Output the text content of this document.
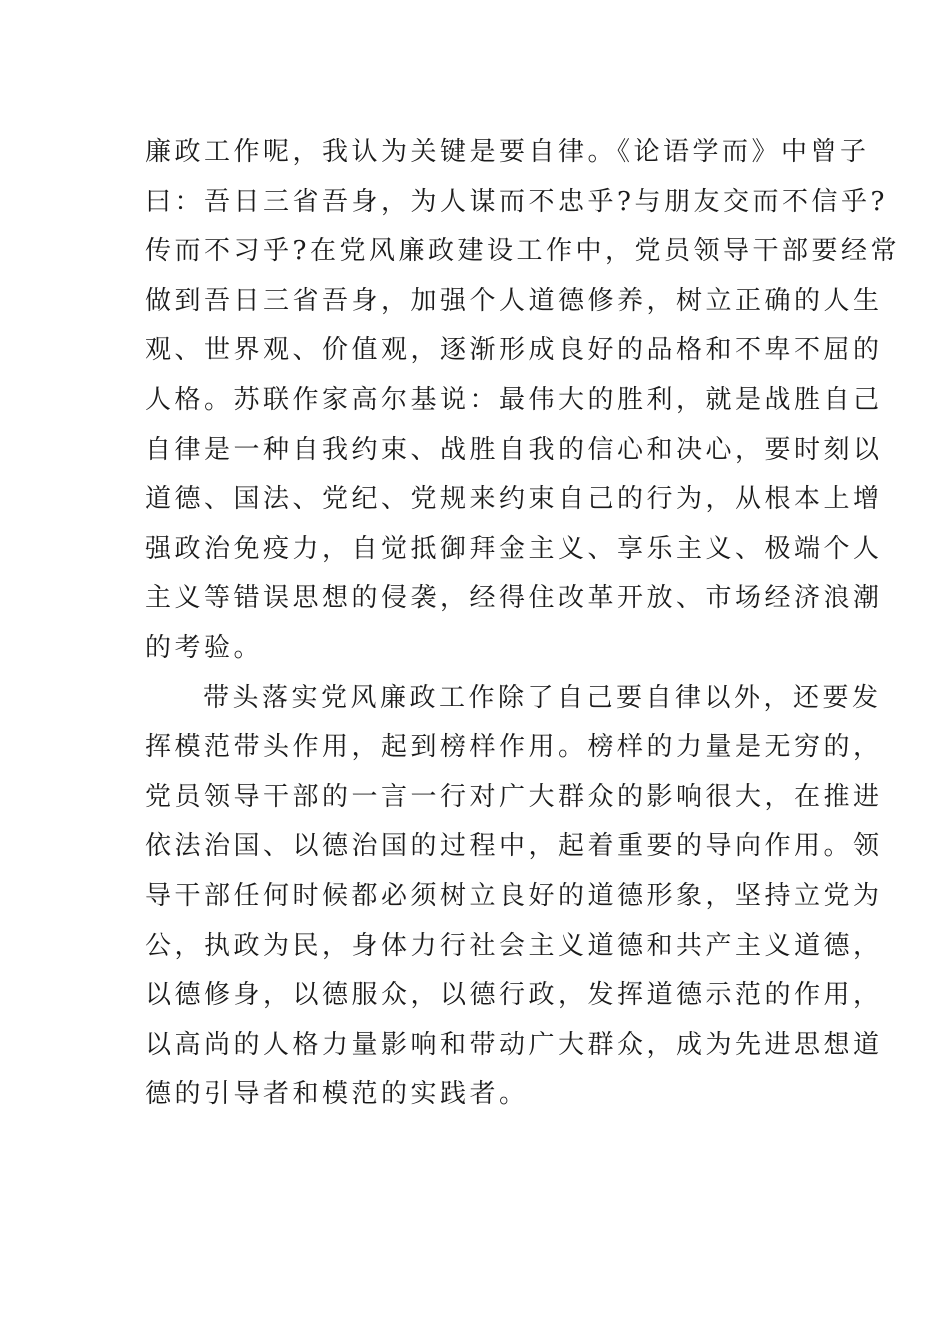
廉政工作呢，我认为关键是要自律。《论语学而》中曾子
曰：吾日三省吾身，为人谋而不忠乎?与朋友交而不信乎?
传而不习乎?在党风廉政建设工作中，党员领导干部要经常
做到吾日三省吾身，加强个人道德修养，树立正确的人生
观、世界观、价值观，逐渐形成良好的品格和不卑不屈的
人格。苏联作家高尔基说：最伟大的胜利，就是战胜自己
自律是一种自我约束、战胜自我的信心和决心，要时刻以
道德、国法、党纪、党规来约束自己的行为，从根本上增
强政治免疫力，自觉抵御拜金主义、享乐主义、极端个人
主义等错误思想的侵袭，经得住改革开放、市场经济浪潮
的考验。
带头落实党风廉政工作除了自己要自律以外，还要发
挥模范带头作用，起到榜样作用。榜样的力量是无穷的，
党员领导干部的一言一行对广大群众的影响很大，在推进
依法治国、以德治国的过程中，起着重要的导向作用。领
导干部任何时候都必须树立良好的道德形象，坚持立党为
公，执政为民，身体力行社会主义道德和共产主义道德，
以德修身，以德服众，以德行政，发挥道德示范的作用，
以高尚的人格力量影响和带动广大群众，成为先进思想道
德的引导者和模范的实践者。
